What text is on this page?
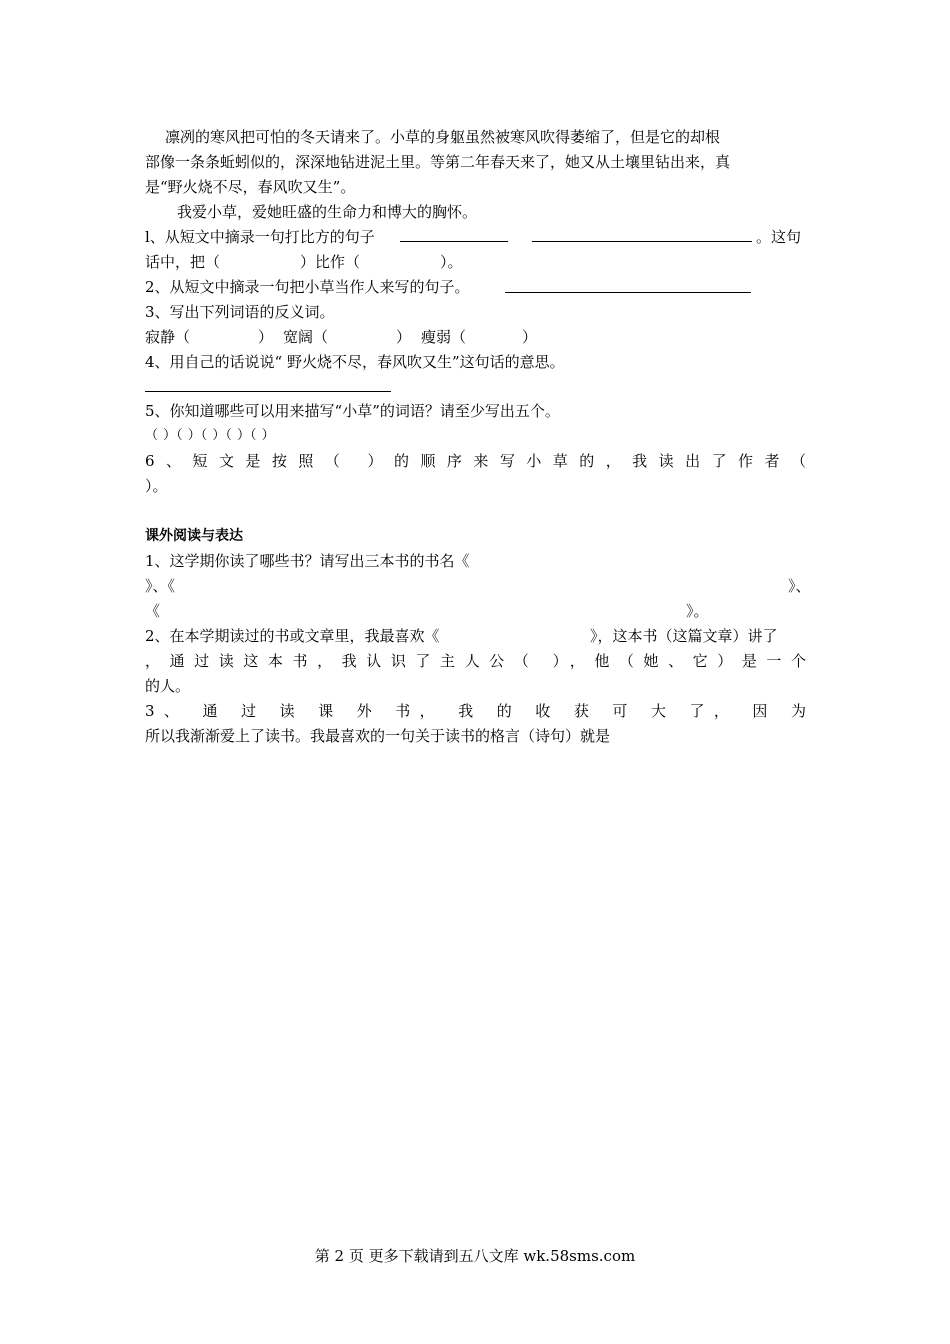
凛冽的寒风把可怕的冬天请来了。小草的身躯虽然被寒风吹得萎缩了，但是它的却根
部像一条条蚯蚓似的，深深地钻进泥土里。等第二年春天来了，她又从土壤里钻出来，真
是“野火烧不尽，春风吹又生”。
我爱小草，爱她旺盛的生命力和博大的胸怀。
l、从短文中摘录一句打比方的句子	。这句
话中，把（	）比作（	）。
2、从短文中摘录一句把小草当作人来写的句子。
3、写出下列词语的反义词。
寂静（	） 宽阔（	） 瘦弱（	）
4、用自己的话说说“ 野火烧不尽，春风吹又生”这句话的意思。
5、你知道哪些可以用来描写“小草”的词语？请至少写出五个。
（ ）（ ）（ ）（ ）（ ）
6、短文是按照（ ）的顺序来写小草的，我读出了作者（
）。
课外阅读与表达
1、这学期你读了哪些书？请写出三本书的书名《
》、《	》、
《	》。
2、在本学期读过的书或文章里，我最喜欢《	》，这本书（这篇文章）讲了
，通过读这本书，我认识了主人公（ ），他（她、它）是一个
的人。
3、 通 过 读 课 外 书， 我 的 收 获 可 大 了， 因 为
所以我渐渐爱上了读书。我最喜欢的一句关于读书的格言（诗句）就是
第 2 页 更多下载请到五八文库 wk.58sms.com
